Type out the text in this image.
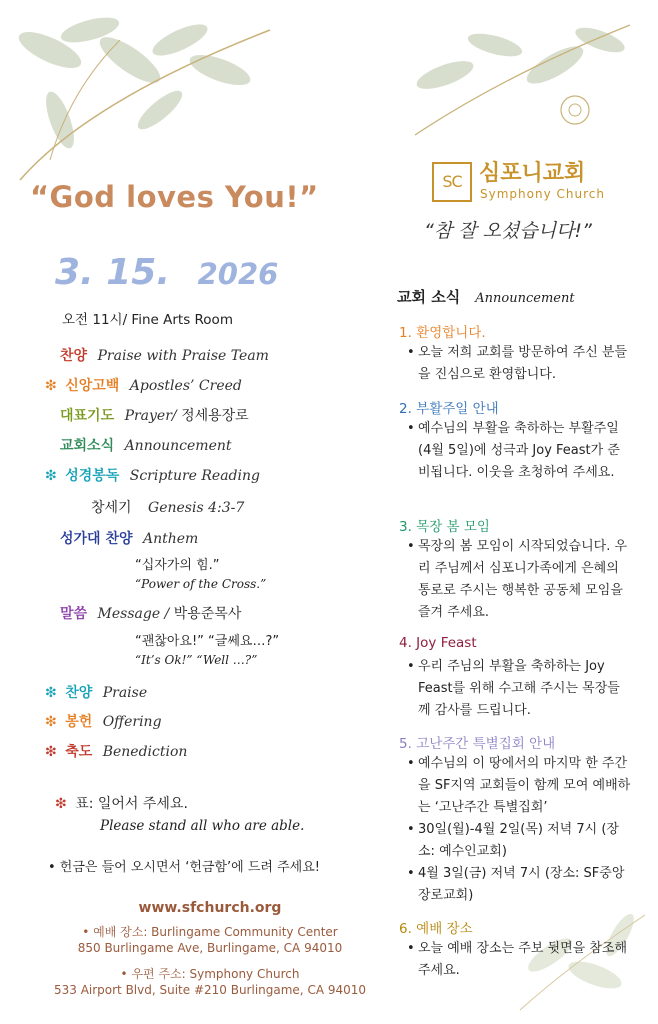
“God loves You!”
3. 15. 2026
오전 11시/ Fine Arts Room
찬양 Praise with Praise Team
❇ 신앙고백 Apostles’ Creed
대표기도 Prayer/ 정세용장로
교회소식 Announcement
❇ 성경봉독 Scripture Reading
창세기 Genesis 4:3-7
성가대 찬양 Anthem
“십자가의 힘.”
“Power of the Cross.”
말씀 Message / 박용준목사
“괜찮아요!” “글쎄요…?”
“It’s Ok!” “Well …?”
❇ 찬양 Praise
❇ 봉헌 Offering
❇ 축도 Benediction
❇ 표: 일어서 주세요.
Please stand all who are able.
• 헌금은 들어 오시면서 ‘헌금함’에 드려 주세요!
www.sfchurch.org
• 예배 장소: Burlingame Community Center
850 Burlingame Ave, Burlingame, CA 94010
• 우편 주소: Symphony Church
533 Airport Blvd, Suite #210 Burlingame, CA 94010
SC 심포니교회
Symphony Church
“참 잘 오셨습니다!”
교회 소식 Announcement
1. 환영합니다.
• 오늘 저희 교회를 방문하여 주신 분들을 진심으로 환영합니다.
2. 부활주일 안내
• 예수님의 부활을 축하하는 부활주일(4월 5일)에 성극과 Joy Feast가 준비됩니다. 이웃을 초청하여 주세요.
3. 목장 봄 모임
• 목장의 봄 모임이 시작되었습니다. 우리 주님께서 심포니가족에게 은혜의 통로로 주시는 행복한 공동체 모임을 즐겨 주세요.
4. Joy Feast
• 우리 주님의 부활을 축하하는 Joy Feast를 위해 수고해 주시는 목장들께 감사를 드립니다.
5. 고난주간 특별집회 안내
• 예수님의 이 땅에서의 마지막 한 주간을 SF지역 교회들이 함께 모여 예배하는 ‘고난주간 특별집회’
• 30일(월)-4월 2일(목) 저녁 7시 (장소: 예수인교회)
• 4월 3일(금) 저녁 7시 (장소: SF중앙장로교회)
6. 예배 장소
• 오늘 예배 장소는 주보 뒷면을 참조해 주세요.
